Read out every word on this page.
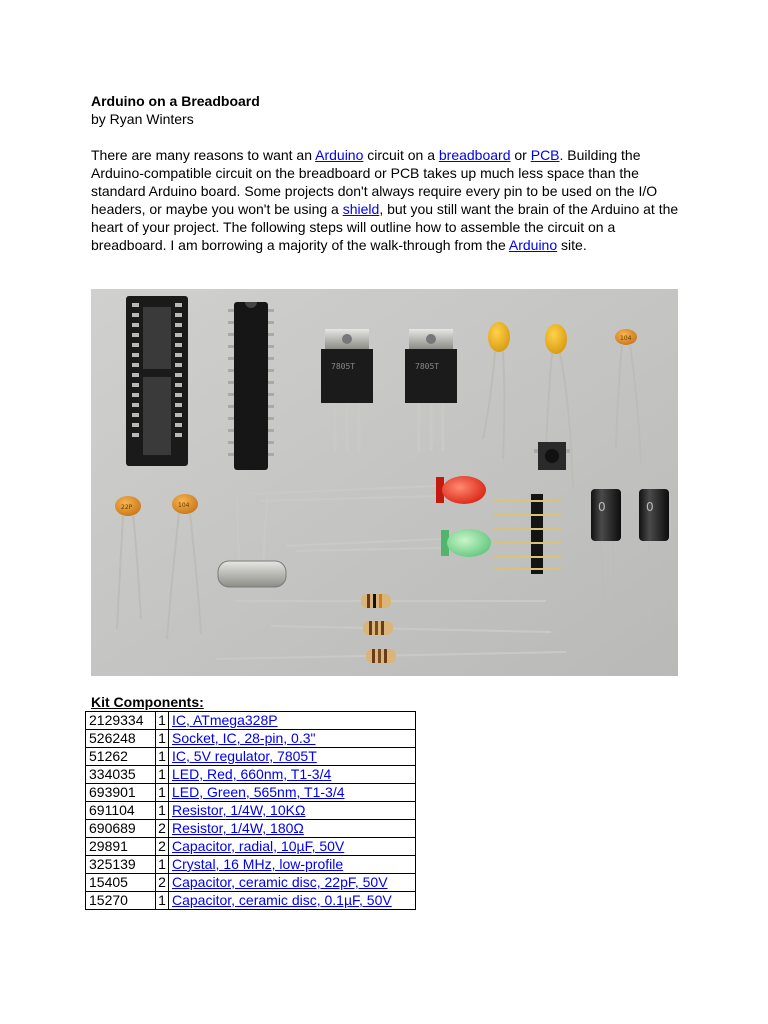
Arduino on a Breadboard

by Ryan Winters

There are many reasons to want an Arduino circuit on a breadboard or PCB. Building the Arduino-compatible circuit on the breadboard or PCB takes up much less space than the standard Arduino board. Some projects don't always require every pin to be used on the I/O headers, or maybe you won't be using a shield, but you still want the brain of the Arduino at the heart of your project. The following steps will outline how to assemble the circuit on a breadboard. I am borrowing a majority of the walk-through from the Arduino site.

7805T	7805T
104
0	0
22P	104

Kit Components:

2129334	1	IC, ATmega328P
526248	1	Socket, IC, 28-pin, 0.3"
51262	1	IC, 5V regulator, 7805T
334035	1	LED, Red, 660nm, T1-3/4
693901	1	LED, Green, 565nm, T1-3/4
691104	1	Resistor, 1/4W, 10KΩ
690689	2	Resistor, 1/4W, 180Ω
29891	2	Capacitor, radial, 10µF, 50V
325139	1	Crystal, 16 MHz, low-profile
15405	2	Capacitor, ceramic disc, 22pF, 50V
15270	1	Capacitor, ceramic disc, 0.1µF, 50V
